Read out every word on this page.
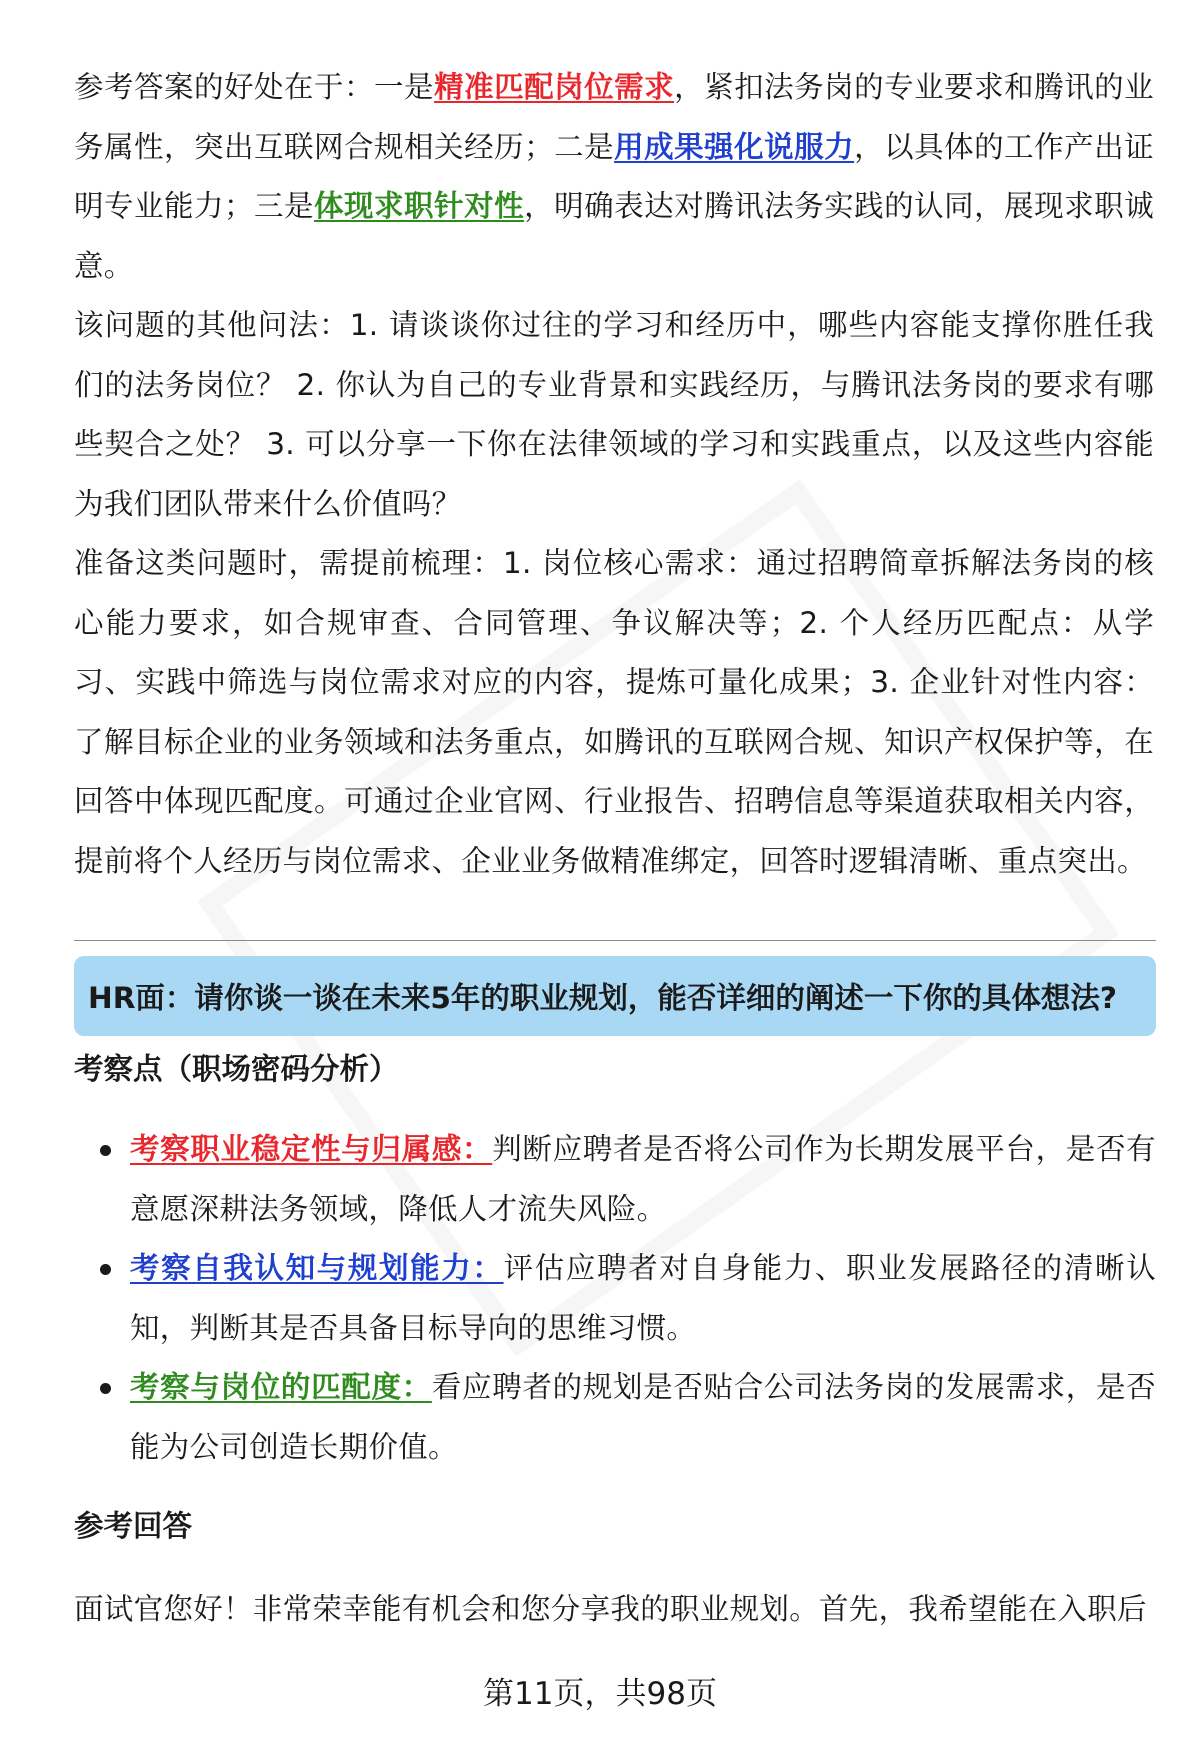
参考答案的好处在于：一是精准匹配岗位需求，紧扣法务岗的专业要求和腾讯的业务属性，突出互联网合规相关经历；二是用成果强化说服力，以具体的工作产出证明专业能力；三是体现求职针对性，明确表达对腾讯法务实践的认同，展现求职诚意。

该问题的其他问法：1. 请谈谈你过往的学习和经历中，哪些内容能支撑你胜任我们的法务岗位？ 2. 你认为自己的专业背景和实践经历，与腾讯法务岗的要求有哪些契合之处？ 3. 可以分享一下你在法律领域的学习和实践重点，以及这些内容能为我们团队带来什么价值吗？

准备这类问题时，需提前梳理：1. 岗位核心需求：通过招聘简章拆解法务岗的核心能力要求，如合规审查、合同管理、争议解决等；2. 个人经历匹配点：从学习、实践中筛选与岗位需求对应的内容，提炼可量化成果；3. 企业针对性内容：了解目标企业的业务领域和法务重点，如腾讯的互联网合规、知识产权保护等，在回答中体现匹配度。可通过企业官网、行业报告、招聘信息等渠道获取相关内容，提前将个人经历与岗位需求、企业业务做精准绑定，回答时逻辑清晰、重点突出。

HR面：请你谈一谈在未来5年的职业规划，能否详细的阐述一下你的具体想法?
考察点（职场密码分析）
考察职业稳定性与归属感：判断应聘者是否将公司作为长期发展平台，是否有意愿深耕法务领域，降低人才流失风险。
考察自我认知与规划能力：评估应聘者对自身能力、职业发展路径的清晰认知，判断其是否具备目标导向的思维习惯。
考察与岗位的匹配度：看应聘者的规划是否贴合公司法务岗的发展需求，是否能为公司创造长期价值。
参考回答

面试官您好！非常荣幸能有机会和您分享我的职业规划。首先，我希望能在入职后

第11页，共98页
